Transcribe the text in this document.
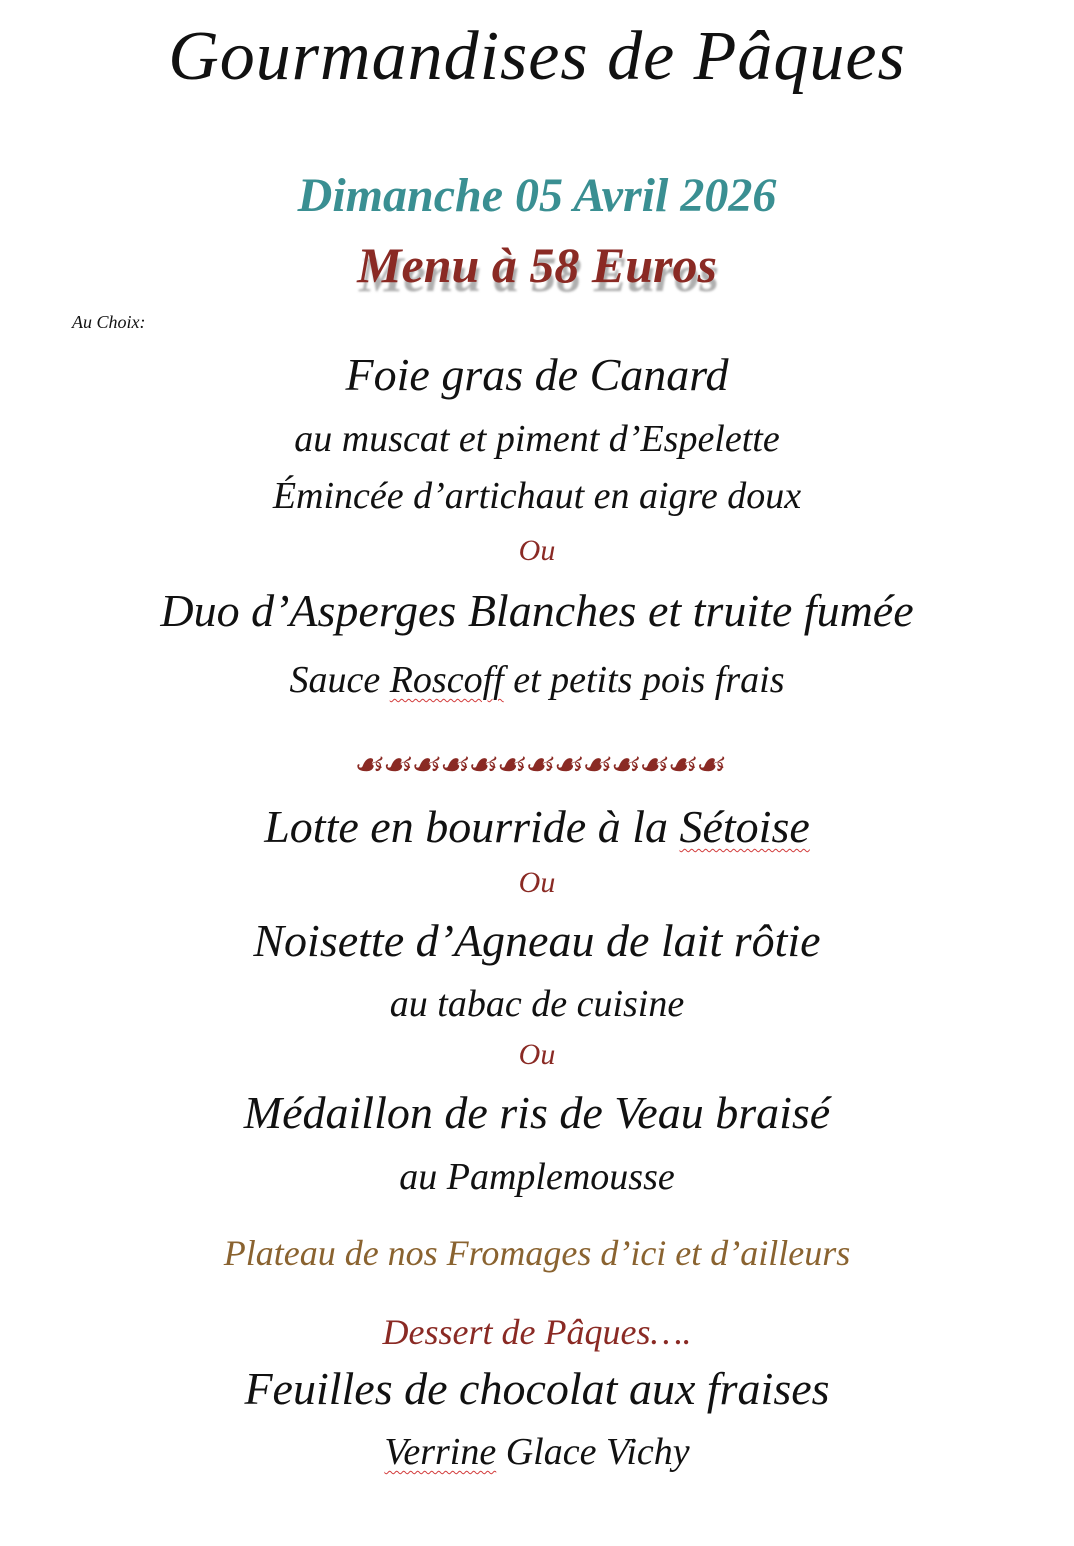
Gourmandises de Pâques
Dimanche 05 Avril 2026
Menu à 58 Euros
Au Choix:
Foie gras de Canard
au muscat et piment d’Espelette
Émincée d’artichaut en aigre doux
Ou
Duo d’Asperges Blanches et truite fumée
Sauce Roscoff et petits pois frais
☙☙☙☙☙☙☙☙☙☙☙☙☙
Lotte en bourride à la Sétoise
Ou
Noisette d’Agneau de lait rôtie
au tabac de cuisine
Ou
Médaillon de ris de Veau braisé
au Pamplemousse
Plateau de nos Fromages d’ici et d’ailleurs
Dessert de Pâques….
Feuilles de chocolat aux fraises
Verrine Glace Vichy
